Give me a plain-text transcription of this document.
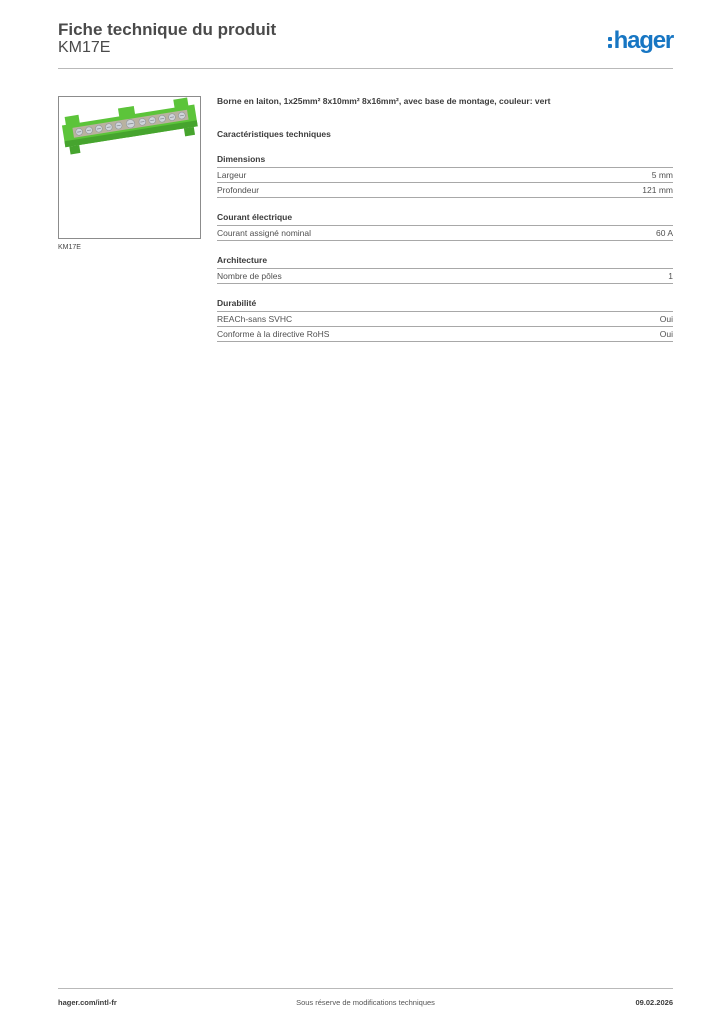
Fiche technique du produit
KM17E	hager
KM17E
Borne en laiton, 1x25mm² 8x10mm² 8x16mm², avec base de montage, couleur: vert
Caractéristiques techniques
Dimensions
Largeur	5 mm
Profondeur	121 mm
Courant électrique
Courant assigné nominal	60 A
Architecture
Nombre de pôles	1
Durabilité
REACh-sans SVHC	Oui
Conforme à la directive RoHS	Oui
Sous réserve de modifications techniques
hager.com/intl-fr	09.02.2026
